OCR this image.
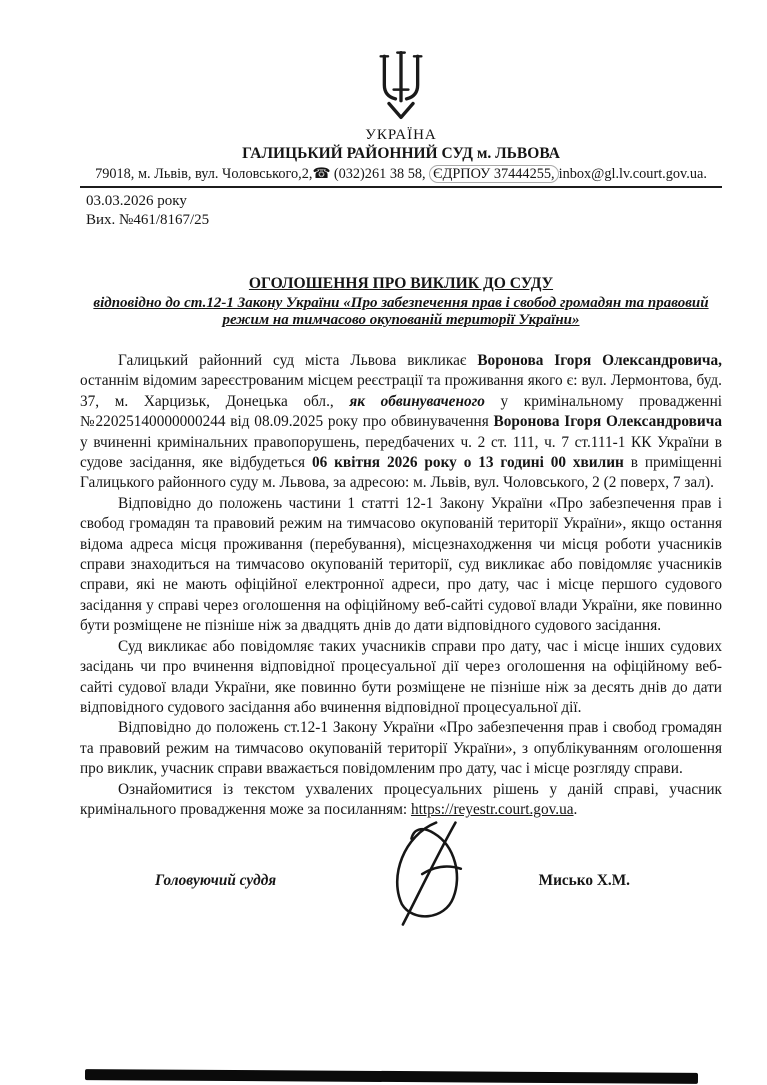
УКРАЇНА
ГАЛИЦЬКИЙ РАЙОННИЙ СУД м. ЛЬВОВА
79018, м. Львів, вул. Чоловського,2,☎ (032)261 38 58, ЄДРПОУ 37444255, inbox@gl.lv.court.gov.ua.
03.03.2026 року
Вих. №461/8167/25
ОГОЛОШЕННЯ ПРО ВИКЛИК ДО СУДУ
відповідно до ст.12-1 Закону України «Про забезпечення прав і свобод громадян та правовий режим на тимчасово окупованій території України»

Галицький районний суд міста Львова викликає Воронова Ігоря Олександровича, останнім відомим зареєстрованим місцем реєстрації та проживання якого є: вул. Лермонтова, буд. 37, м. Харцизьк, Донецька обл., як обвинуваченого у кримінальному провадженні №22025140000000244 від 08.09.2025 року про обвинувачення Воронова Ігоря Олександровича у вчиненні кримінальних правопорушень, передбачених ч. 2 ст. 111, ч. 7 ст.111-1 КК України в судове засідання, яке відбудеться 06 квітня 2026 року о 13 годині 00 хвилин в приміщенні Галицького районного суду м. Львова, за адресою: м. Львів, вул. Чоловського, 2 (2 поверх, 7 зал).

Відповідно до положень частини 1 статті 12-1 Закону України «Про забезпечення прав і свобод громадян та правовий режим на тимчасово окупованій території України», якщо остання відома адреса місця проживання (перебування), місцезнаходження чи місця роботи учасників справи знаходиться на тимчасово окупованій території, суд викликає або повідомляє учасників справи, які не мають офіційної електронної адреси, про дату, час і місце першого судового засідання у справі через оголошення на офіційному веб-сайті судової влади України, яке повинно бути розміщене не пізніше ніж за двадцять днів до дати відповідного судового засідання.

Суд викликає або повідомляє таких учасників справи про дату, час і місце інших судових засідань чи про вчинення відповідної процесуальної дії через оголошення на офіційному веб-сайті судової влади України, яке повинно бути розміщене не пізніше ніж за десять днів до дати відповідного судового засідання або вчинення відповідної процесуальної дії.

Відповідно до положень ст.12-1 Закону України «Про забезпечення прав і свобод громадян та правовий режим на тимчасово окупованій території України», з опублікуванням оголошення про виклик, учасник справи вважається повідомленим про дату, час і місце розгляду справи.

Ознайомитися із текстом ухвалених процесуальних рішень у даній справі, учасник кримінального провадження може за посиланням: https://reyestr.court.gov.ua.

Головуючий суддя	Мисько Х.М.
